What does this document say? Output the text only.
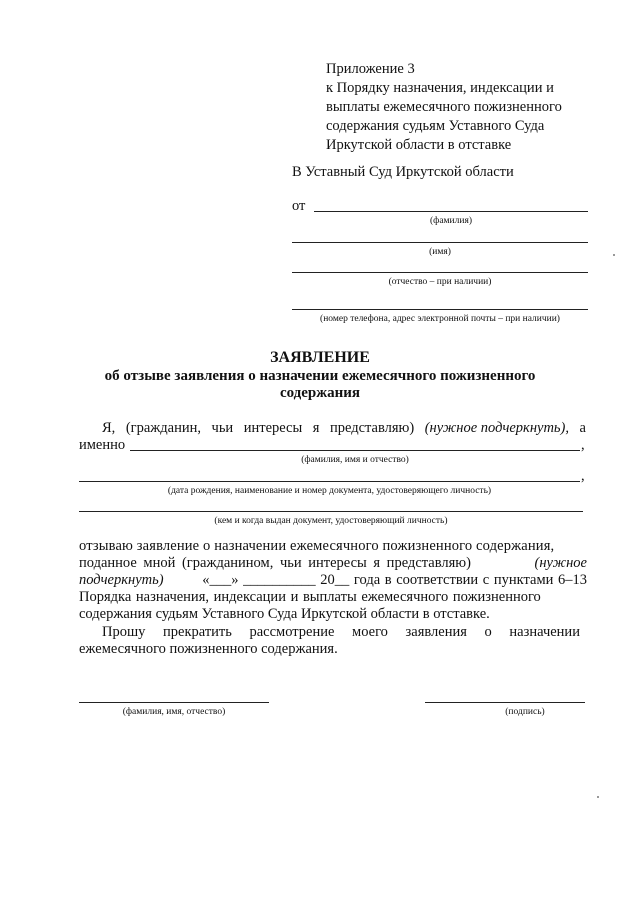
Приложение 3
к Порядку назначения, индексации и
выплаты ежемесячного пожизненного
содержания судьям Уставного Суда
Иркутской области в отставке
В Уставный Суд Иркутской области
от
(фамилия)
(имя)
(отчество – при наличии)
(номер телефона, адрес электронной почты – при наличии)
ЗАЯВЛЕНИЕ
об отзыве заявления о назначении ежемесячного пожизненного
содержания
Я, (гражданин, чьи интересы я представляю) (нужное подчеркнуть), а
именно	,
(фамилия, имя и отчество)
,
(дата рождения, наименование и номер документа, удостоверяющего личность)
(кем и когда выдан документ, удостоверяющий личность)
отзываю заявление о назначении ежемесячного пожизненного содержания,
поданное мной (гражданином, чьи интересы я представляю)	(нужное
подчеркнуть)	«___» __________ 20__ года в соответствии с пунктами 6–13
Порядка назначения, индексации и выплаты ежемесячного пожизненного
содержания судьям Уставного Суда Иркутской области в отставке.
Прошу прекратить рассмотрение моего заявления о назначении
ежемесячного пожизненного содержания.
(фамилия, имя, отчество)	(подпись)
